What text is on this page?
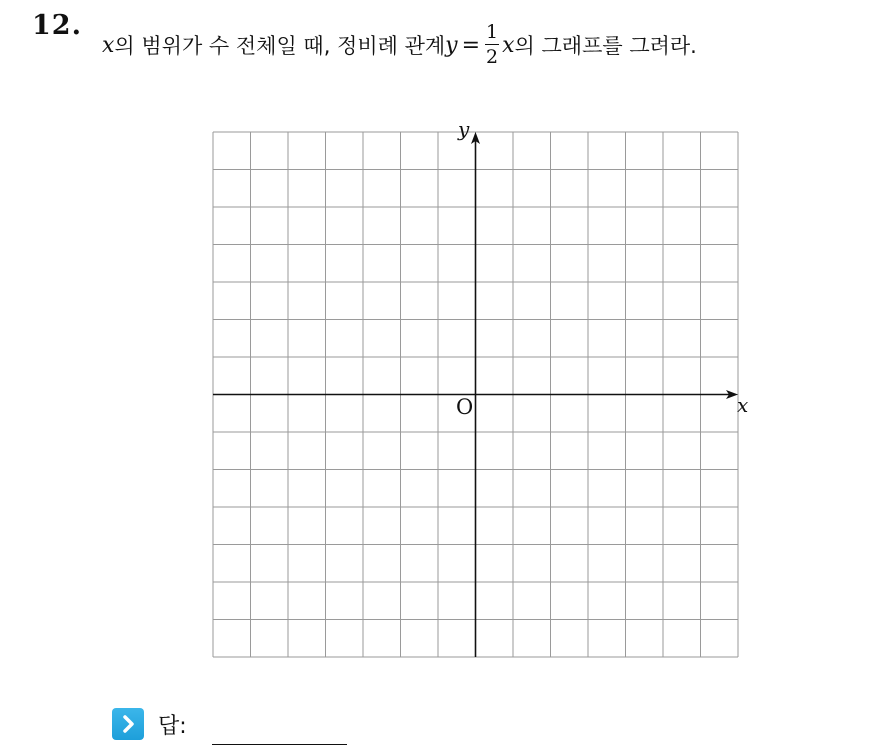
12.
x 의 범위가 수 전체일 때, 정비례 관계 $y = \frac{1}{2}$ x 의 그래프를 그려라.
x
y
O
답:
